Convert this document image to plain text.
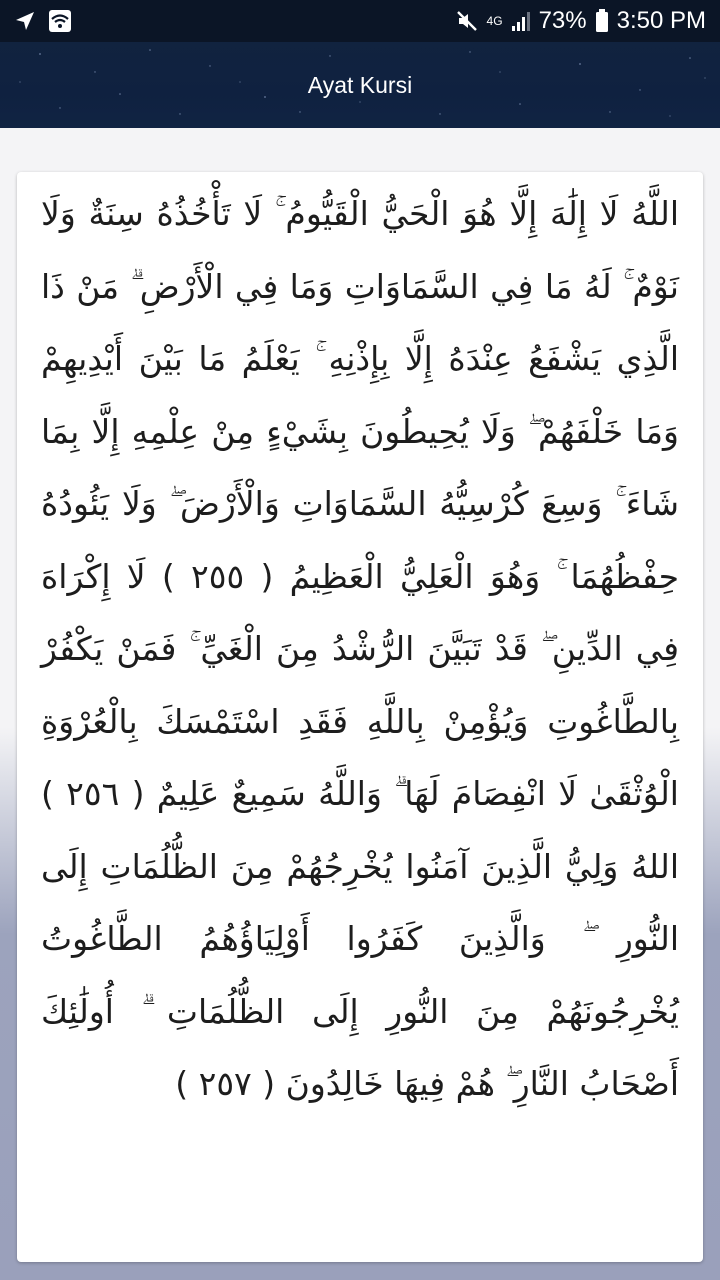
4G 73% 3:50 PM
Ayat Kursi

اللَّهُ لَا إِلَٰهَ إِلَّا هُوَ الْحَيُّ الْقَيُّومُ ۚ لَا تَأْخُذُهُ سِنَةٌ وَلَا نَوْمٌ ۚ لَهُ مَا فِي السَّمَاوَاتِ وَمَا فِي الْأَرْضِ ۗ مَنْ ذَا الَّذِي يَشْفَعُ عِنْدَهُ إِلَّا بِإِذْنِهِ ۚ يَعْلَمُ مَا بَيْنَ أَيْدِيهِمْ وَمَا خَلْفَهُمْ ۖ وَلَا يُحِيطُونَ بِشَيْءٍ مِنْ عِلْمِهِ إِلَّا بِمَا شَاءَ ۚ وَسِعَ كُرْسِيُّهُ السَّمَاوَاتِ وَالْأَرْضَ ۖ وَلَا يَئُودُهُ حِفْظُهُمَا ۚ وَهُوَ الْعَلِيُّ الْعَظِيمُ ( ٢٥٥ ) لَا إِكْرَاهَ فِي الدِّينِ ۖ قَدْ تَبَيَّنَ الرُّشْدُ مِنَ الْغَيِّ ۚ فَمَنْ يَكْفُرْ بِالطَّاغُوتِ وَيُؤْمِنْ بِاللَّهِ فَقَدِ اسْتَمْسَكَ بِالْعُرْوَةِ الْوُثْقَىٰ لَا انْفِصَامَ لَهَا ۗ وَاللَّهُ سَمِيعٌ عَلِيمٌ ( ٢٥٦ ) اللهُ وَلِيُّ الَّذِينَ آمَنُوا يُخْرِجُهُمْ مِنَ الظُّلُمَاتِ إِلَى النُّورِ ۖ وَالَّذِينَ كَفَرُوا أَوْلِيَاؤُهُمُ الطَّاغُوتُ يُخْرِجُونَهُمْ مِنَ النُّورِ إِلَى الظُّلُمَاتِ ۗ أُولَٰئِكَ أَصْحَابُ النَّارِ ۖ هُمْ فِيهَا خَالِدُونَ ( ٢٥٧ )
